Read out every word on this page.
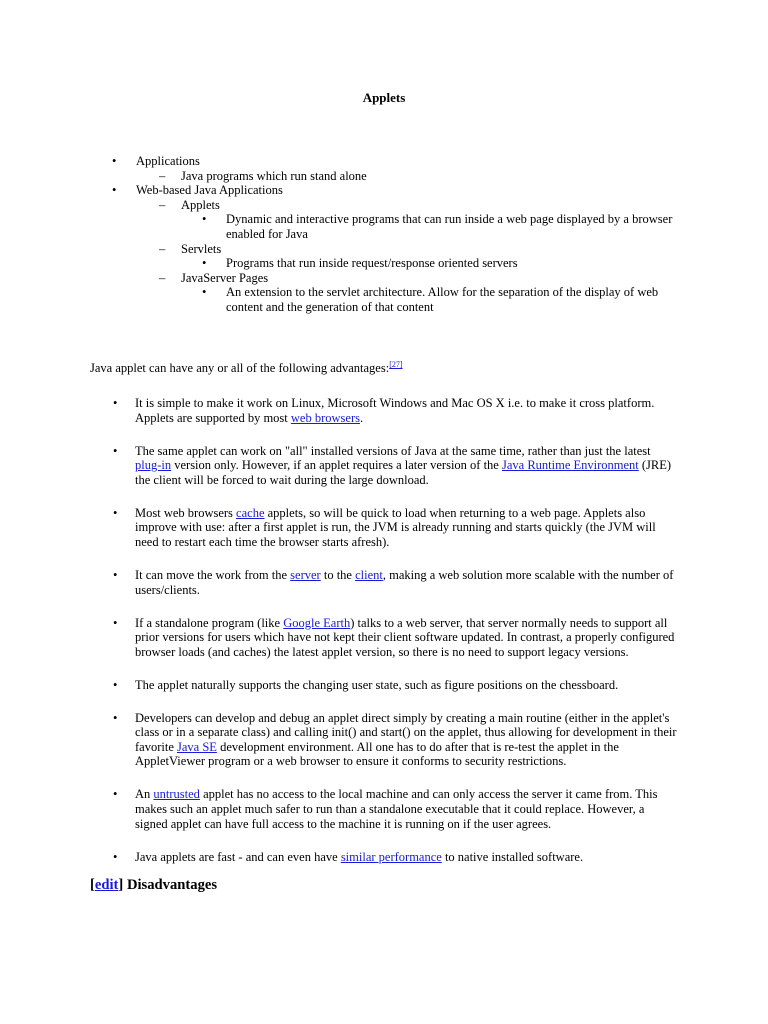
Applets
• Applications
– Java programs which run stand alone
• Web-based Java Applications
– Applets
• Dynamic and interactive programs that can run inside a web page displayed by a browser enabled for Java
– Servlets
• Programs that run inside request/response oriented servers
– JavaServer Pages
• An extension to the servlet architecture. Allow for the separation of the display of web content and the generation of that content

Java applet can have any or all of the following advantages:[27]

• It is simple to make it work on Linux, Microsoft Windows and Mac OS X i.e. to make it cross platform. Applets are supported by most web browsers.
• The same applet can work on "all" installed versions of Java at the same time, rather than just the latest plug-in version only. However, if an applet requires a later version of the Java Runtime Environment (JRE) the client will be forced to wait during the large download.
• Most web browsers cache applets, so will be quick to load when returning to a web page. Applets also improve with use: after a first applet is run, the JVM is already running and starts quickly (the JVM will need to restart each time the browser starts afresh).
• It can move the work from the server to the client, making a web solution more scalable with the number of users/clients.
• If a standalone program (like Google Earth) talks to a web server, that server normally needs to support all prior versions for users which have not kept their client software updated. In contrast, a properly configured browser loads (and caches) the latest applet version, so there is no need to support legacy versions.
• The applet naturally supports the changing user state, such as figure positions on the chessboard.
• Developers can develop and debug an applet direct simply by creating a main routine (either in the applet's class or in a separate class) and calling init() and start() on the applet, thus allowing for development in their favorite Java SE development environment. All one has to do after that is re-test the applet in the AppletViewer program or a web browser to ensure it conforms to security restrictions.
• An untrusted applet has no access to the local machine and can only access the server it came from. This makes such an applet much safer to run than a standalone executable that it could replace. However, a signed applet can have full access to the machine it is running on if the user agrees.
• Java applets are fast - and can even have similar performance to native installed software.
[edit] Disadvantages
